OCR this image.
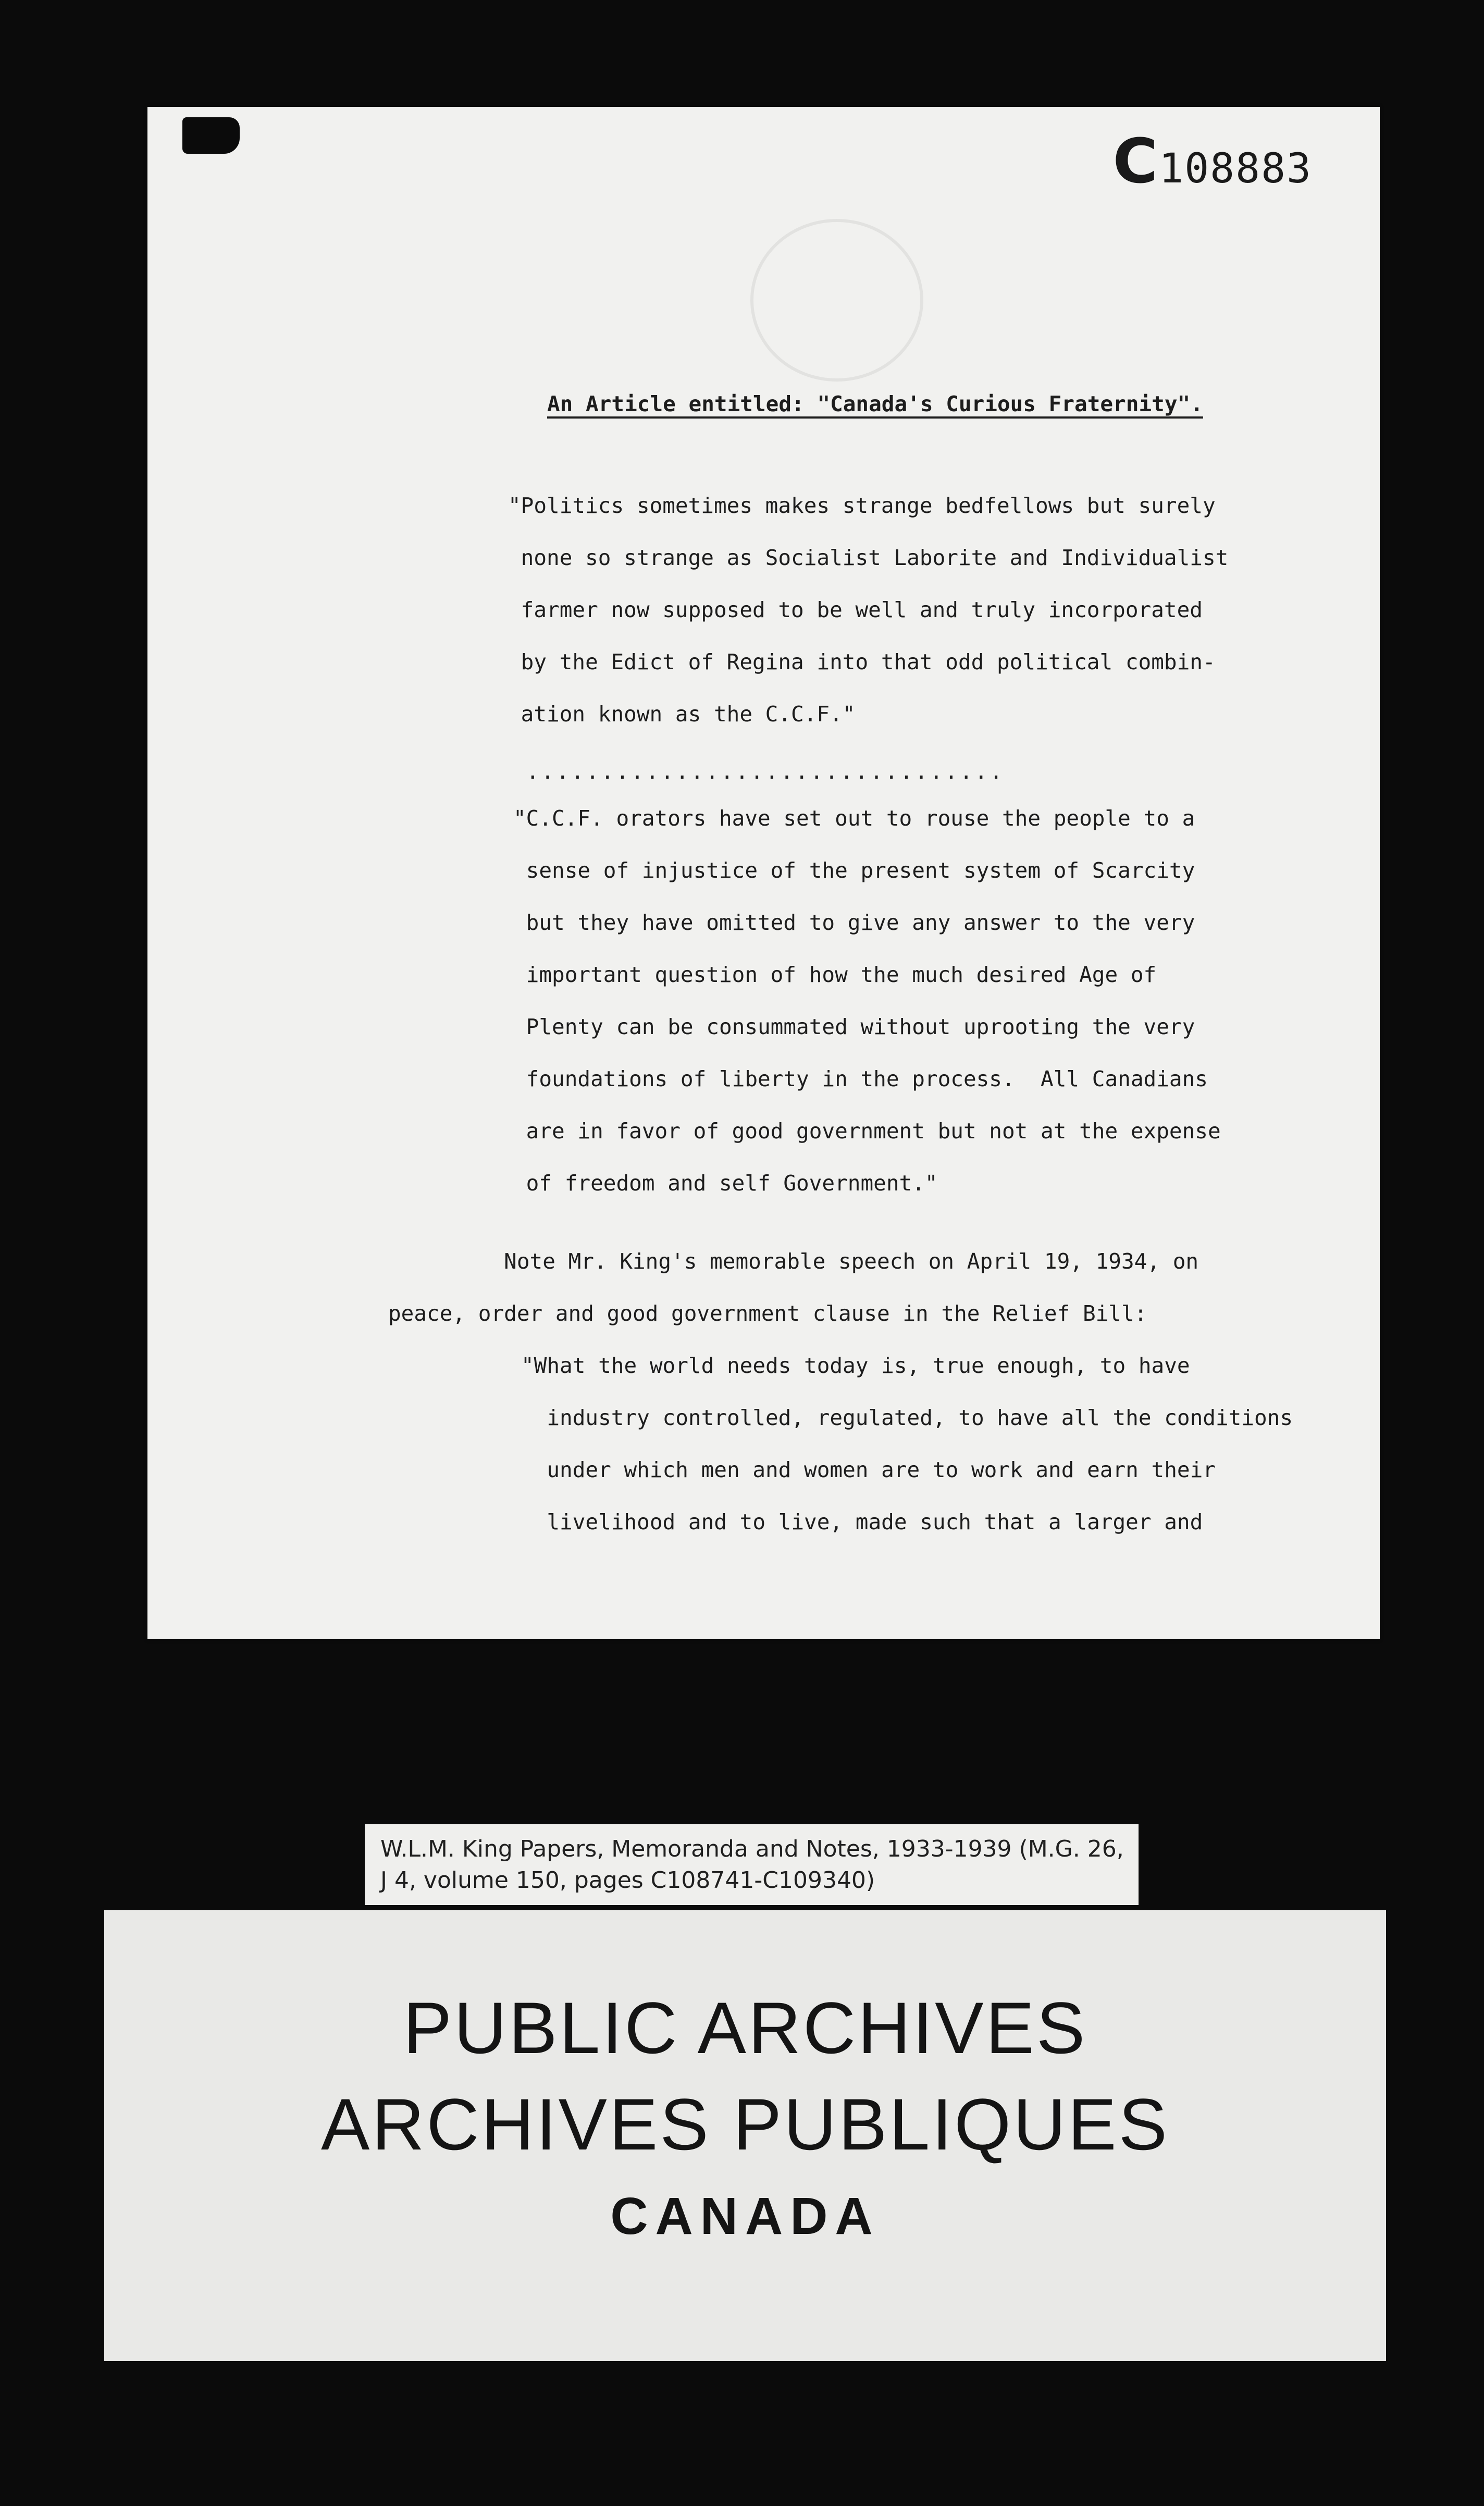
C108883
An Article entitled: "Canada's Curious Fraternity".
"Politics sometimes makes strange bedfellows but surely
none so strange as Socialist Laborite and Individualist
farmer now supposed to be well and truly incorporated
by the Edict of Regina into that odd political combin-
ation known as the C.C.F."
................................
"C.C.F. orators have set out to rouse the people to a
sense of injustice of the present system of Scarcity
but they have omitted to give any answer to the very
important question of how the much desired Age of
Plenty can be consummated without uprooting the very
foundations of liberty in the process.  All Canadians
are in favor of good government but not at the expense
of freedom and self Government."
Note Mr. King's memorable speech on April 19, 1934, on
peace, order and good government clause in the Relief Bill:
"What the world needs today is, true enough, to have
industry controlled, regulated, to have all the conditions
under which men and women are to work and earn their
livelihood and to live, made such that a larger and
W.L.M. King Papers, Memoranda and Notes, 1933-1939 (M.G. 26,
J 4, volume 150, pages C108741-C109340)
PUBLIC ARCHIVES
ARCHIVES PUBLIQUES
CANADA
